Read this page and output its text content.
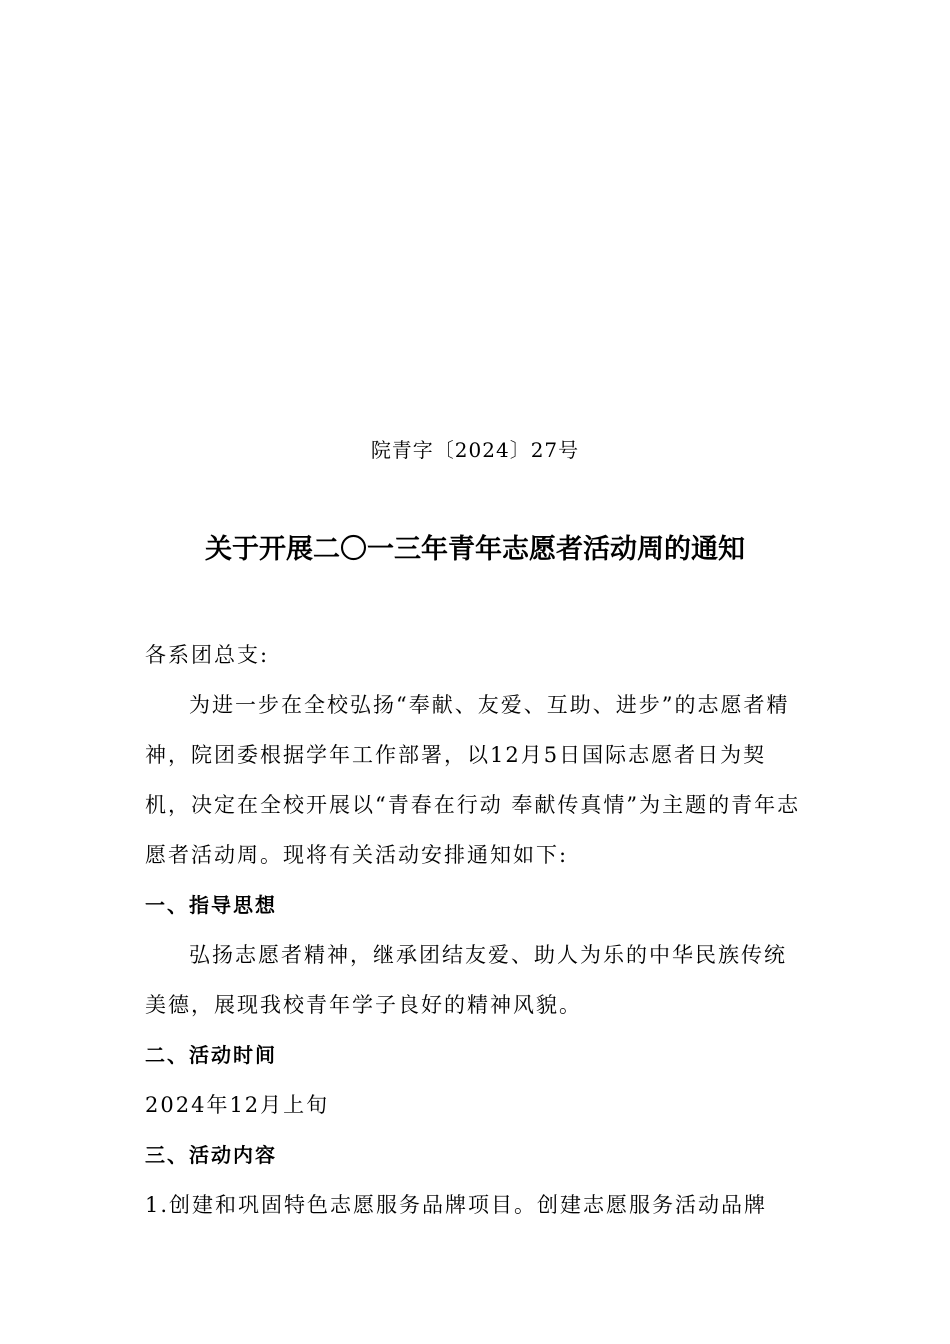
院青字〔2024〕27号
关于开展二〇一三年青年志愿者活动周的通知

各系团总支:

为进一步在全校弘扬“奉献、友爱、互助、进步”的志愿者精神，院团委根据学年工作部署，以12月5日国际志愿者日为契机，决定在全校开展以“青春在行动 奉献传真情”为主题的青年志愿者活动周。现将有关活动安排通知如下:

一、指导思想

弘扬志愿者精神，继承团结友爱、助人为乐的中华民族传统美德，展现我校青年学子良好的精神风貌。

二、活动时间

2024年12月上旬

三、活动内容

1.创建和巩固特色志愿服务品牌项目。创建志愿服务活动品牌
